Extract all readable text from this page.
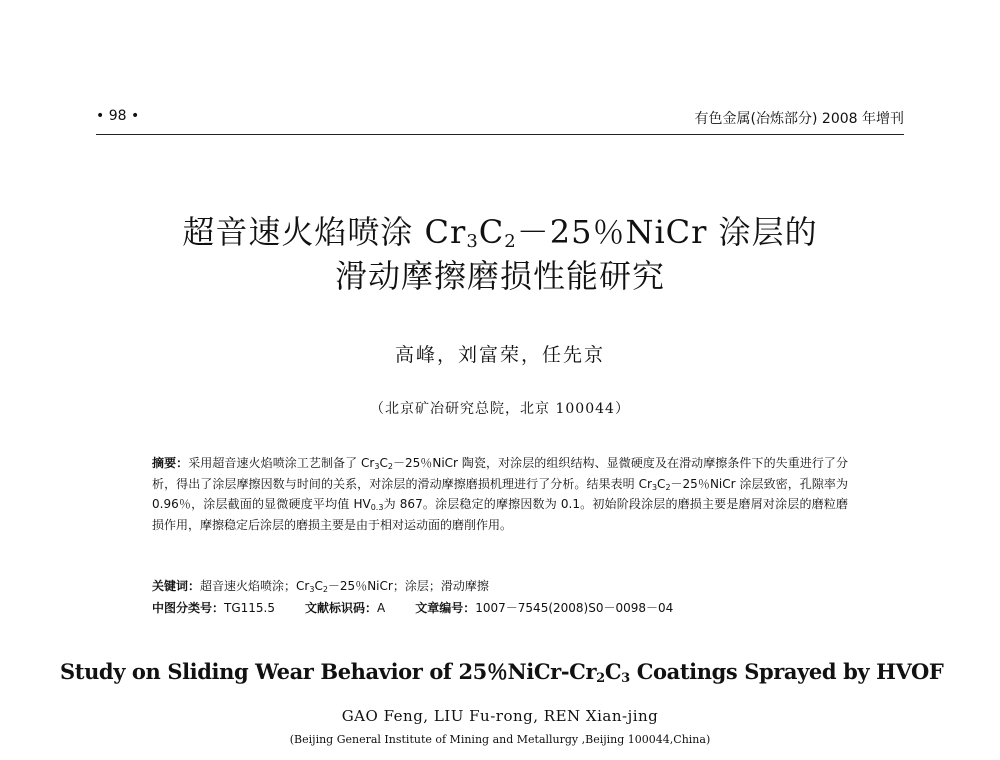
• 98 •	有色金属(冶炼部分) 2008 年增刊
超音速火焰喷涂 $Cr_3C_2-25$％NiCr 涂层的
滑动摩擦磨损性能研究
高峰，刘富荣，任先京
（北京矿冶研究总院，北京 100044）
摘要：采用超音速火焰喷涂工艺制备了 $Cr_3C_2-25$％NiCr 陶瓷，对涂层的组织结构、显微硬度及在滑动摩擦条件下的失重进行了分析，得出了涂层摩擦因数与时间的关系，对涂层的滑动摩擦磨损机理进行了分析。结果表明 $Cr_3C_2-25$％NiCr 涂层致密，孔隙率为 0.96％，涂层截面的显微硬度平均值 $HV_{0.3}$为 867。涂层稳定的摩擦因数为 0.1。初始阶段涂层的磨损主要是磨屑对涂层的磨粒磨损作用，摩擦稳定后涂层的磨损主要是由于相对运动面的磨削作用。
关键词：超音速火焰喷涂；$Cr_3C_2-25$％NiCr；涂层；滑动摩擦
中图分类号：TG115.5	文献标识码：A	文章编号：1007－7545(2008)S0－0098－04
Study on Sliding Wear Behavior of 25％NiCr-$Cr_2C_3$ Coatings Sprayed by HVOF
GAO Feng, LIU Fu-rong, REN Xian-jing
(Beijing General Institute of Mining and Metallurgy ,Beijing 100044,China)
